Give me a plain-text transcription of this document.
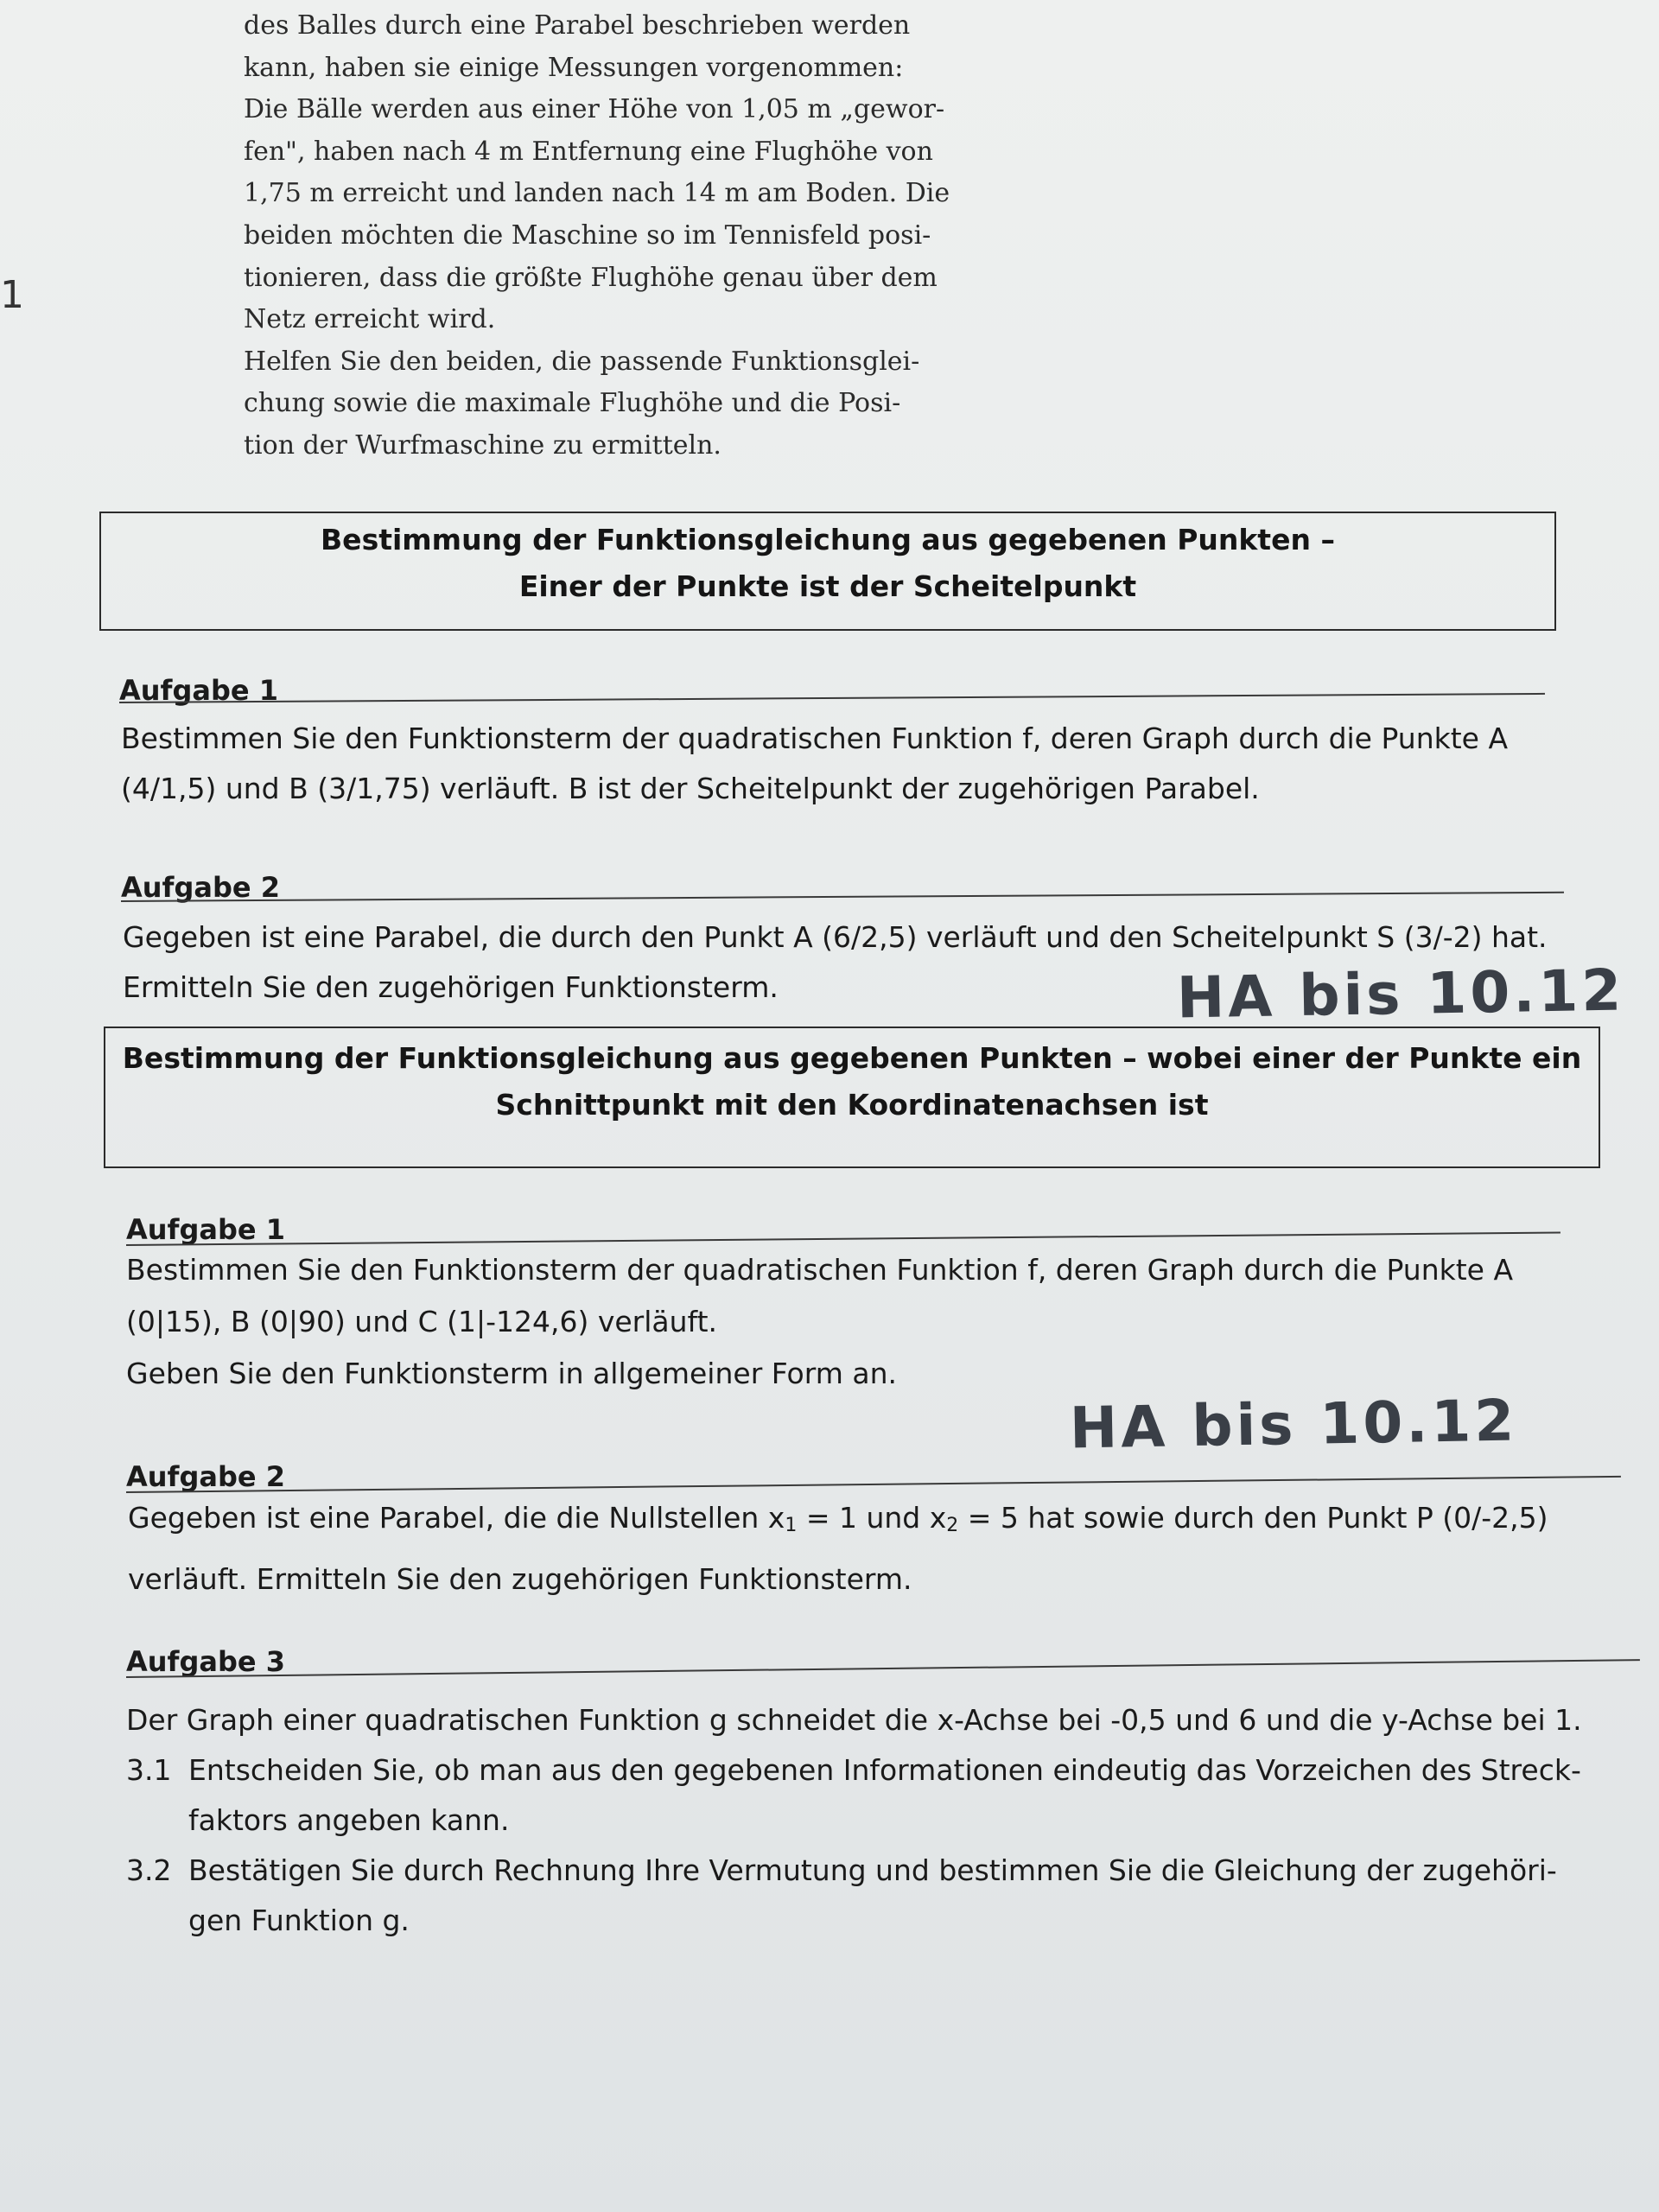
des Balles durch eine Parabel beschrieben werden
kann, haben sie einige Messungen vorgenommen:
Die Bälle werden aus einer Höhe von 1,05 m „gewor-
fen", haben nach 4 m Entfernung eine Flughöhe von
1,75 m erreicht und landen nach 14 m am Boden. Die
beiden möchten die Maschine so im Tennisfeld posi-
tionieren, dass die größte Flughöhe genau über dem
Netz erreicht wird.
Helfen Sie den beiden, die passende Funktionsglei-
chung sowie die maximale Flughöhe und die Posi-
tion der Wurfmaschine zu ermitteln.
1
Bestimmung der Funktionsgleichung aus gegebenen Punkten –
Einer der Punkte ist der Scheitelpunkt
Aufgabe 1
Bestimmen Sie den Funktionsterm der quadratischen Funktion f, deren Graph durch die Punkte A
(4/1,5) und B (3/1,75) verläuft. B ist der Scheitelpunkt der zugehörigen Parabel.
Aufgabe 2
Gegeben ist eine Parabel, die durch den Punkt A (6/2,5) verläuft und den Scheitelpunkt S (3/-2) hat.
Ermitteln Sie den zugehörigen Funktionsterm.	HA bis 10.12
Bestimmung der Funktionsgleichung aus gegebenen Punkten – wobei einer der Punkte ein
Schnittpunkt mit den Koordinatenachsen ist
Aufgabe 1
Bestimmen Sie den Funktionsterm der quadratischen Funktion f, deren Graph durch die Punkte A
(0|15), B (0|90) und C (1|-124,6) verläuft.
Geben Sie den Funktionsterm in allgemeiner Form an.
HA bis 10.12
Aufgabe 2
Gegeben ist eine Parabel, die die Nullstellen x1 = 1 und x2 = 5 hat sowie durch den Punkt P (0/-2,5)
verläuft. Ermitteln Sie den zugehörigen Funktionsterm.
Aufgabe 3
Der Graph einer quadratischen Funktion g schneidet die x-Achse bei -0,5 und 6 und die y-Achse bei 1.
3.1 Entscheiden Sie, ob man aus den gegebenen Informationen eindeutig das Vorzeichen des Streck-
faktors angeben kann.
3.2 Bestätigen Sie durch Rechnung Ihre Vermutung und bestimmen Sie die Gleichung der zugehöri-
gen Funktion g.
